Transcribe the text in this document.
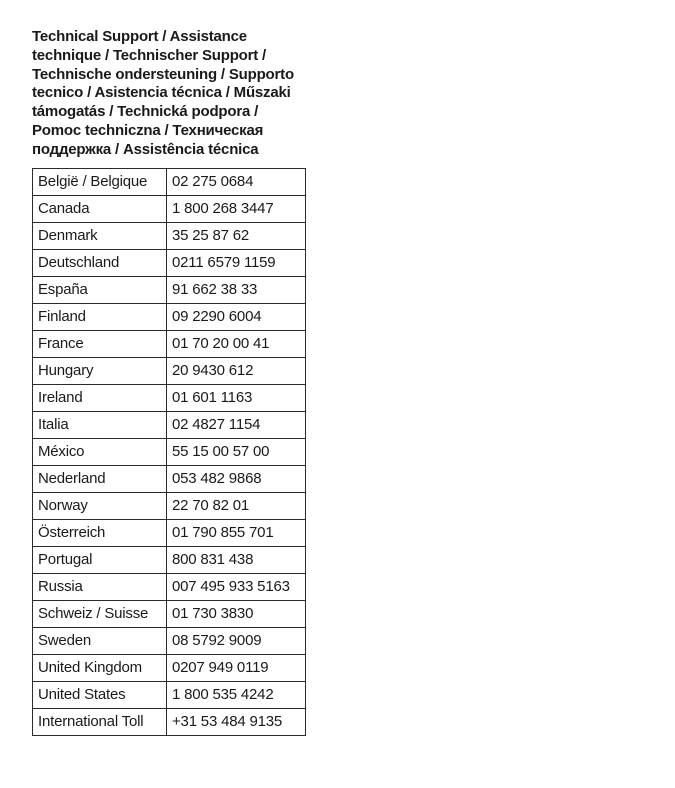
Technical Support / Assistance
technique / Technischer Support /
Technische ondersteuning / Supporto
tecnico / Asistencia técnica / Műszaki
támogatás / Technická podpora /
Pomoc techniczna / Техническая
поддержка / Assistência técnica
België / Belgique	02 275 0684
Canada	1 800 268 3447
Denmark	35 25 87 62
Deutschland	0211 6579 1159
España	91 662 38 33
Finland	09 2290 6004
France	01 70 20 00 41
Hungary	20 9430 612
Ireland	01 601 1163
Italia	02 4827 1154
México	55 15 00 57 00
Nederland	053 482 9868
Norway	22 70 82 01
Österreich	01 790 855 701
Portugal	800 831 438
Russia	007 495 933 5163
Schweiz / Suisse	01 730 3830
Sweden	08 5792 9009
United Kingdom	0207 949 0119
United States	1 800 535 4242
International Toll	+31 53 484 9135
